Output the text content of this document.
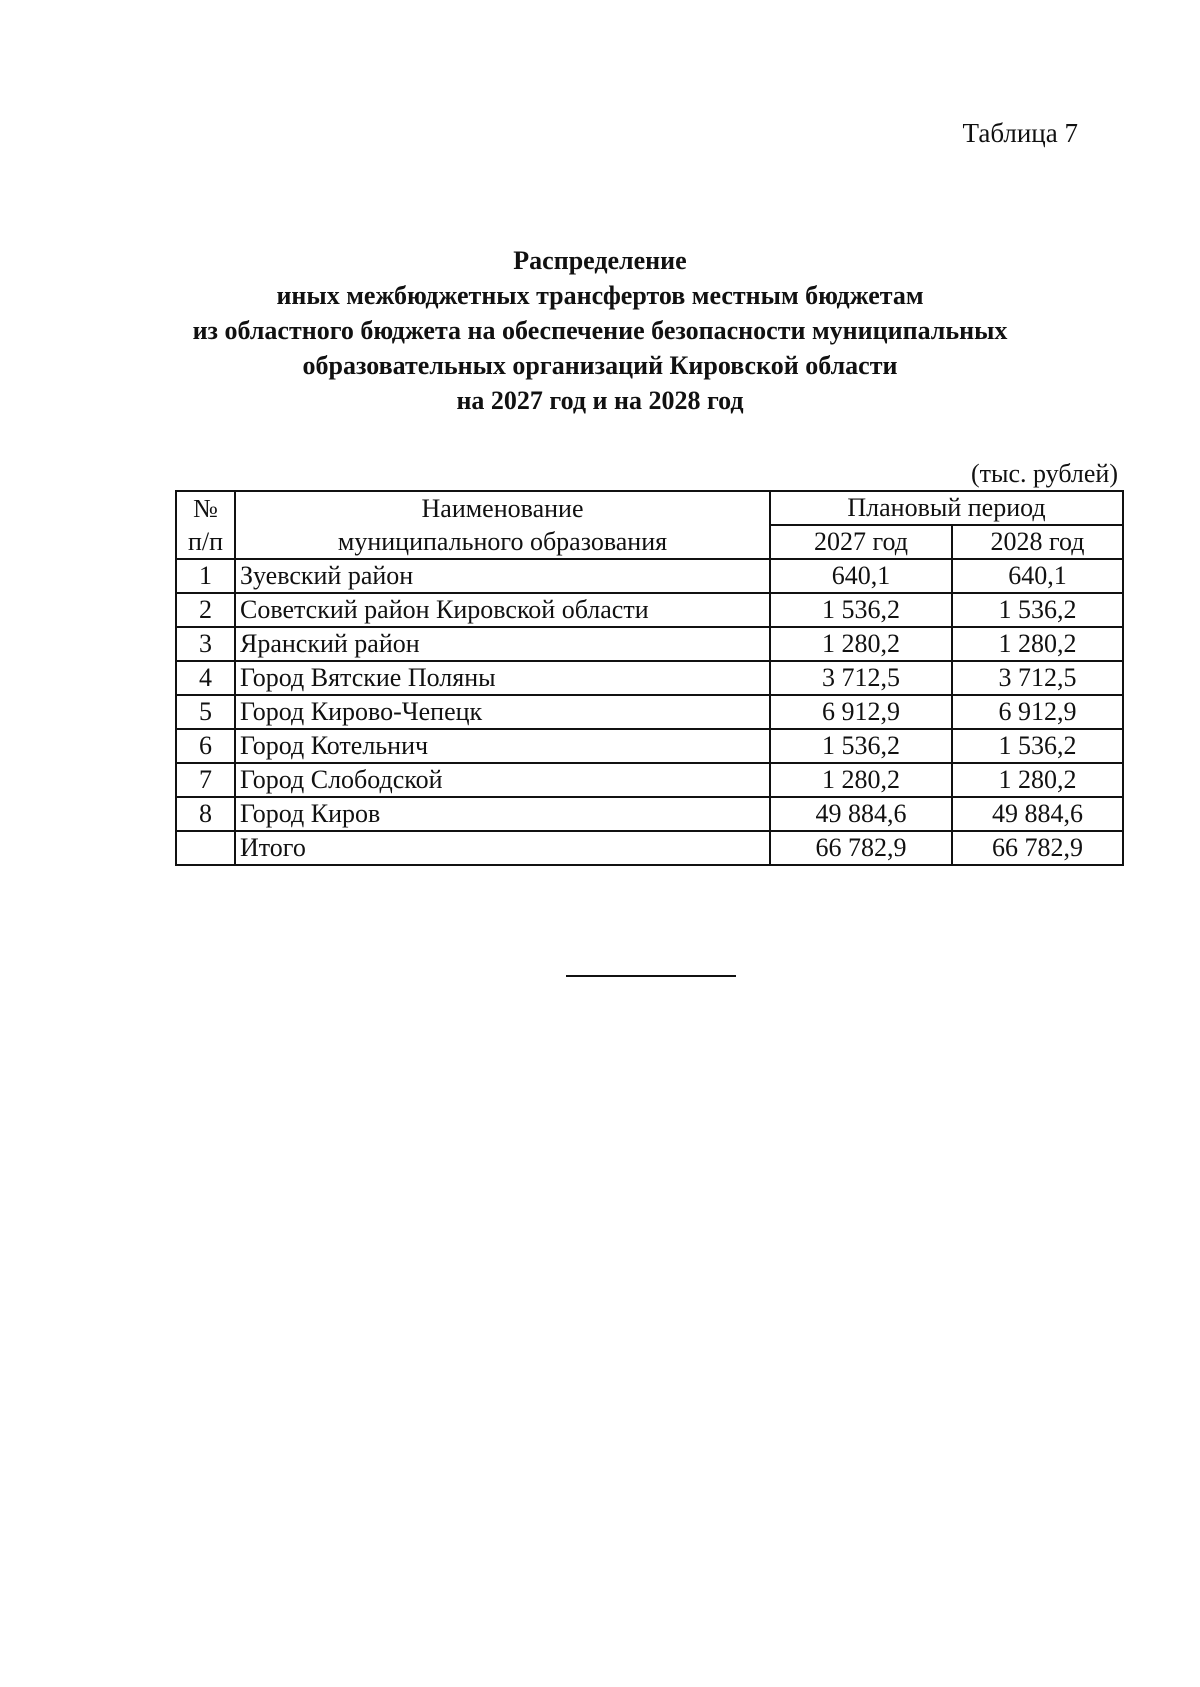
Таблица 7
Распределение
иных межбюджетных трансфертов местным бюджетам
из областного бюджета на обеспечение безопасности муниципальных
образовательных организаций Кировской области
на 2027 год и на 2028 год
(тыс. рублей)
№	Наименование	Плановый период	
п/п	муниципального образования	2027 год	2028 год
1	Зуевский район	640,1	640,1
2	Советский район Кировской области	1 536,2	1 536,2
3	Яранский район	1 280,2	1 280,2
4	Город Вятские Поляны	3 712,5	3 712,5
5	Город Кирово-Чепецк	6 912,9	6 912,9
6	Город Котельнич	1 536,2	1 536,2
7	Город Слободской	1 280,2	1 280,2
8	Город Киров	49 884,6	49 884,6
	Итого	66 782,9	66 782,9
